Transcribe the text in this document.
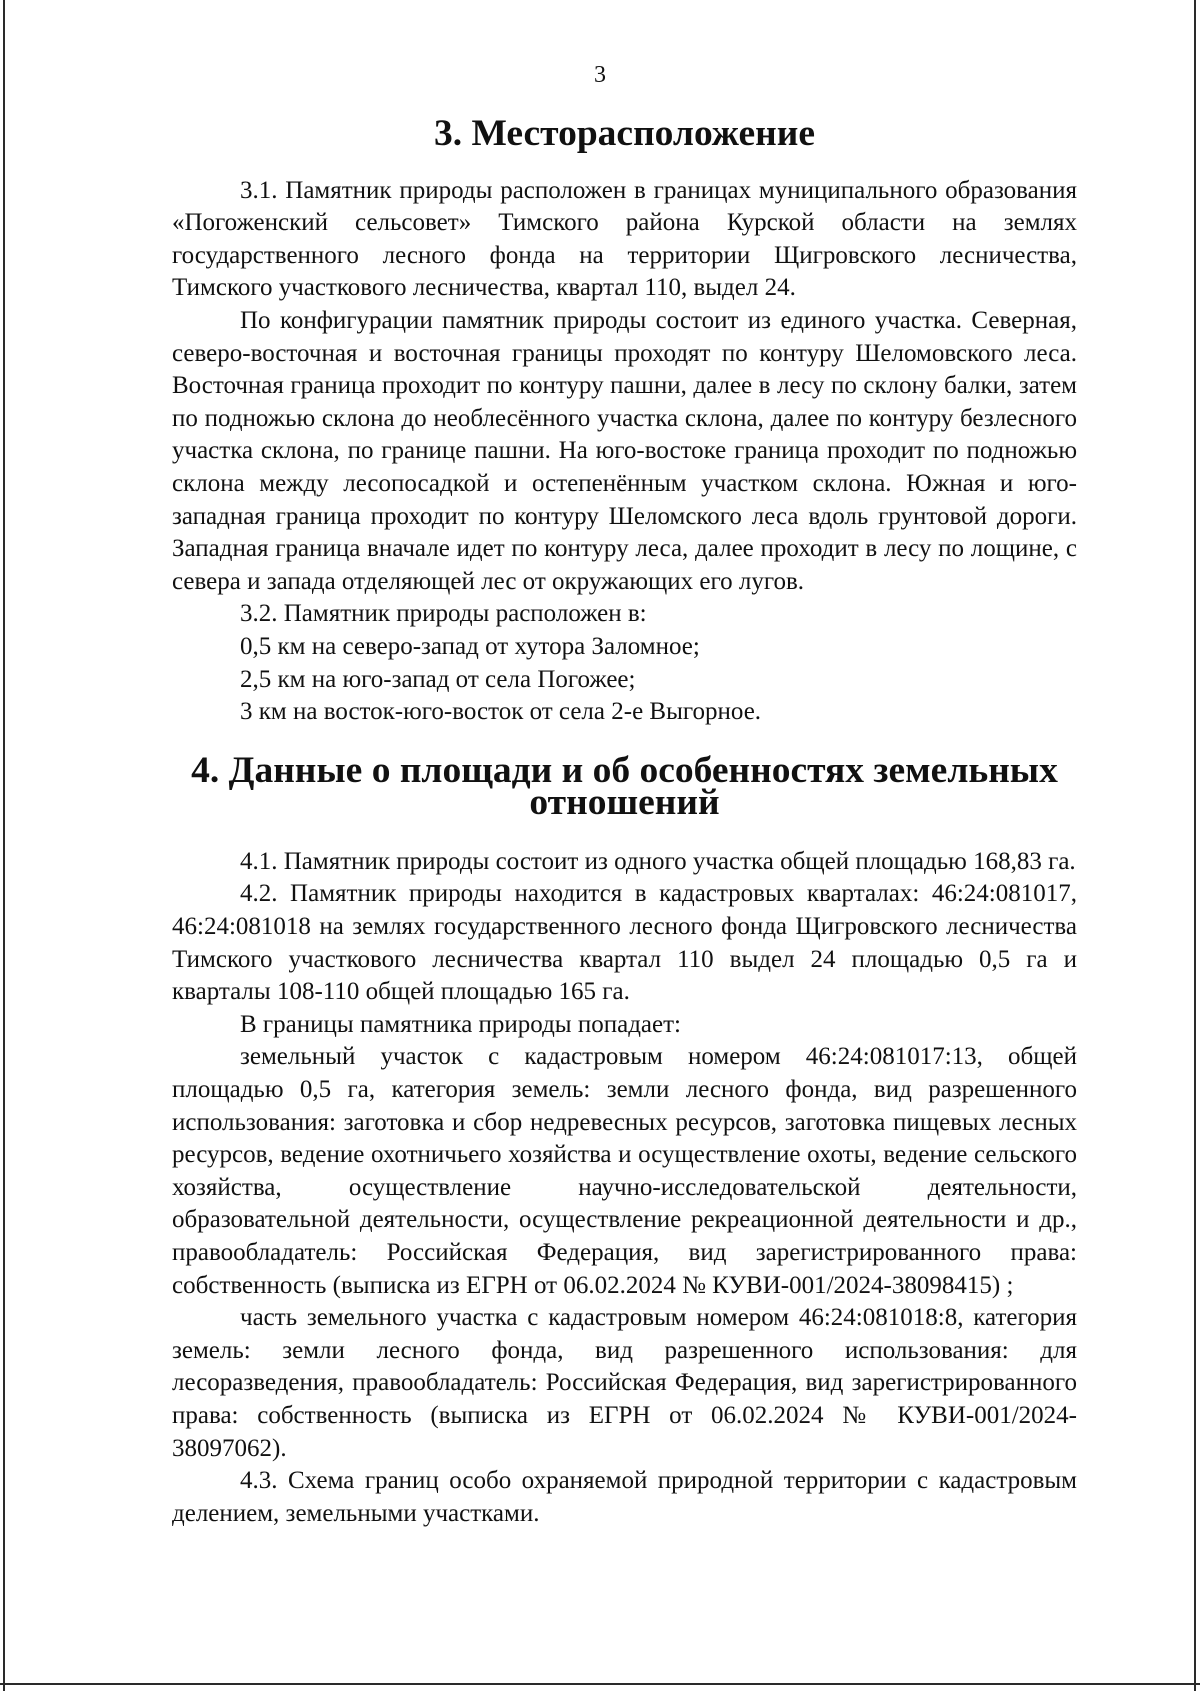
3
3. Месторасположение

3.1. Памятник природы расположен в границах муниципального образования «Погоженский сельсовет» Тимского района Курской области на землях государственного лесного фонда на территории Щигровского лесничества, Тимского участкового лесничества, квартал 110, выдел 24.

По конфигурации памятник природы состоит из единого участка. Северная, северо-восточная и восточная границы проходят по контуру Шеломовского леса. Восточная граница проходит по контуру пашни, далее в лесу по склону балки, затем по подножью склона до необлесённого участка склона, далее по контуру безлесного участка склона, по границе пашни. На юго-востоке граница проходит по подножью склона между лесопосадкой и остепенённым участком склона. Южная и юго-западная граница проходит по контуру Шеломского леса вдоль грунтовой дороги. Западная граница вначале идет по контуру леса, далее проходит в лесу по лощине, с севера и запада отделяющей лес от окружающих его лугов.

3.2. Памятник природы расположен в:

0,5 км на северо-запад от хутора Заломное;

2,5 км на юго-запад от села Погожее;

3 км на восток-юго-восток от села 2-е Выгорное.

4. Данные о площади и об особенностях земельных отношений

4.1. Памятник природы состоит из одного участка общей площадью 168,83 га.

4.2. Памятник природы находится в кадастровых кварталах: 46:24:081017, 46:24:081018 на землях государственного лесного фонда Щигровского лесничества Тимского участкового лесничества квартал 110 выдел 24 площадью 0,5 га и кварталы 108-110 общей площадью 165 га.

В границы памятника природы попадает:

земельный участок с кадастровым номером 46:24:081017:13, общей площадью 0,5 га, категория земель: земли лесного фонда, вид разрешенного использования: заготовка и сбор недревесных ресурсов, заготовка пищевых лесных ресурсов, ведение охотничьего хозяйства и осуществление охоты, ведение сельского хозяйства, осуществление научно-исследовательской деятельности, образовательной деятельности, осуществление рекреационной деятельности и др., правообладатель: Российская Федерация, вид зарегистрированного права: собственность (выписка из ЕГРН от 06.02.2024 № КУВИ-001/2024-38098415) ;

часть земельного участка с кадастровым номером 46:24:081018:8, категория земель: земли лесного фонда, вид разрешенного использования: для лесоразведения, правообладатель: Российская Федерация, вид зарегистрированного права: собственность (выписка из ЕГРН от 06.02.2024 № КУВИ-001/2024-38097062).

4.3. Схема границ особо охраняемой природной территории с кадастровым делением, земельными участками.
